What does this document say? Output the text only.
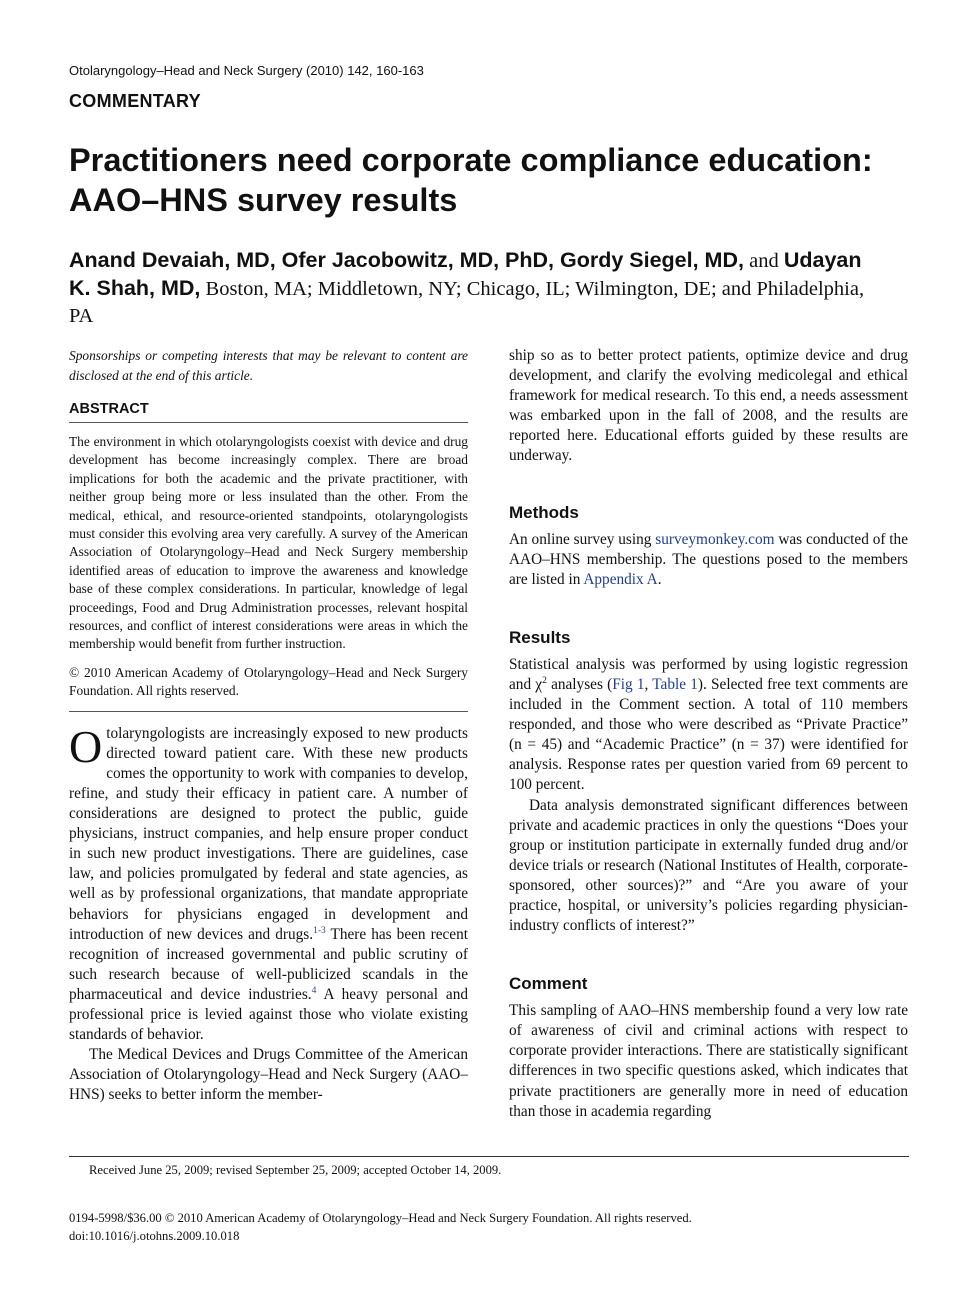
Otolaryngology–Head and Neck Surgery (2010) 142, 160-163
COMMENTARY
Practitioners need corporate compliance education: AAO–HNS survey results
Anand Devaiah, MD, Ofer Jacobowitz, MD, PhD, Gordy Siegel, MD, and Udayan K. Shah, MD, Boston, MA; Middletown, NY; Chicago, IL; Wilmington, DE; and Philadelphia, PA

Sponsorships or competing interests that may be relevant to content are disclosed at the end of this article.

ABSTRACT

The environment in which otolaryngologists coexist with device and drug development has become increasingly complex. There are broad implications for both the academic and the private practitioner, with neither group being more or less insulated than the other. From the medical, ethical, and resource-oriented standpoints, otolaryngologists must consider this evolving area very carefully. A survey of the American Association of Otolaryngology–Head and Neck Surgery membership identified areas of education to improve the awareness and knowledge base of these complex considerations. In particular, knowledge of legal proceedings, Food and Drug Administration processes, relevant hospital resources, and conflict of interest considerations were areas in which the membership would benefit from further instruction.

© 2010 American Academy of Otolaryngology–Head and Neck Surgery Foundation. All rights reserved.

Otolaryngologists are increasingly exposed to new products directed toward patient care. With these new products comes the opportunity to work with companies to develop, refine, and study their efficacy in patient care. A number of considerations are designed to protect the public, guide physicians, instruct companies, and help ensure proper conduct in such new product investigations. There are guidelines, case law, and policies promulgated by federal and state agencies, as well as by professional organizations, that mandate appropriate behaviors for physicians engaged in development and introduction of new devices and drugs.$^{1-3}$ There has been recent recognition of increased governmental and public scrutiny of such research because of well-publicized scandals in the pharmaceutical and device industries.$^4$ A heavy personal and professional price is levied against those who violate existing standards of behavior.

The Medical Devices and Drugs Committee of the American Association of Otolaryngology–Head and Neck Surgery (AAO–HNS) seeks to better inform the member-

ship so as to better protect patients, optimize device and drug development, and clarify the evolving medicolegal and ethical framework for medical research. To this end, a needs assessment was embarked upon in the fall of 2008, and the results are reported here. Educational efforts guided by these results are underway.

Methods

An online survey using surveymonkey.com was conducted of the AAO–HNS membership. The questions posed to the members are listed in Appendix A.

Results

Statistical analysis was performed by using logistic regression and $\chi^2$ analyses (Fig 1, Table 1). Selected free text comments are included in the Comment section. A total of 110 members responded, and those who were described as “Private Practice” (n = 45) and “Academic Practice” (n = 37) were identified for analysis. Response rates per question varied from 69 percent to 100 percent.

Data analysis demonstrated significant differences between private and academic practices in only the questions “Does your group or institution participate in externally funded drug and/or device trials or research (National Institutes of Health, corporate-sponsored, other sources)?” and “Are you aware of your practice, hospital, or university’s policies regarding physician-industry conflicts of interest?”

Comment

This sampling of AAO–HNS membership found a very low rate of awareness of civil and criminal actions with respect to corporate provider interactions. There are statistically significant differences in two specific questions asked, which indicates that private practitioners are generally more in need of education than those in academia regarding

Received June 25, 2009; revised September 25, 2009; accepted October 14, 2009.
0194-5998/$36.00 © 2010 American Academy of Otolaryngology–Head and Neck Surgery Foundation. All rights reserved.
doi:10.1016/j.otohns.2009.10.018
